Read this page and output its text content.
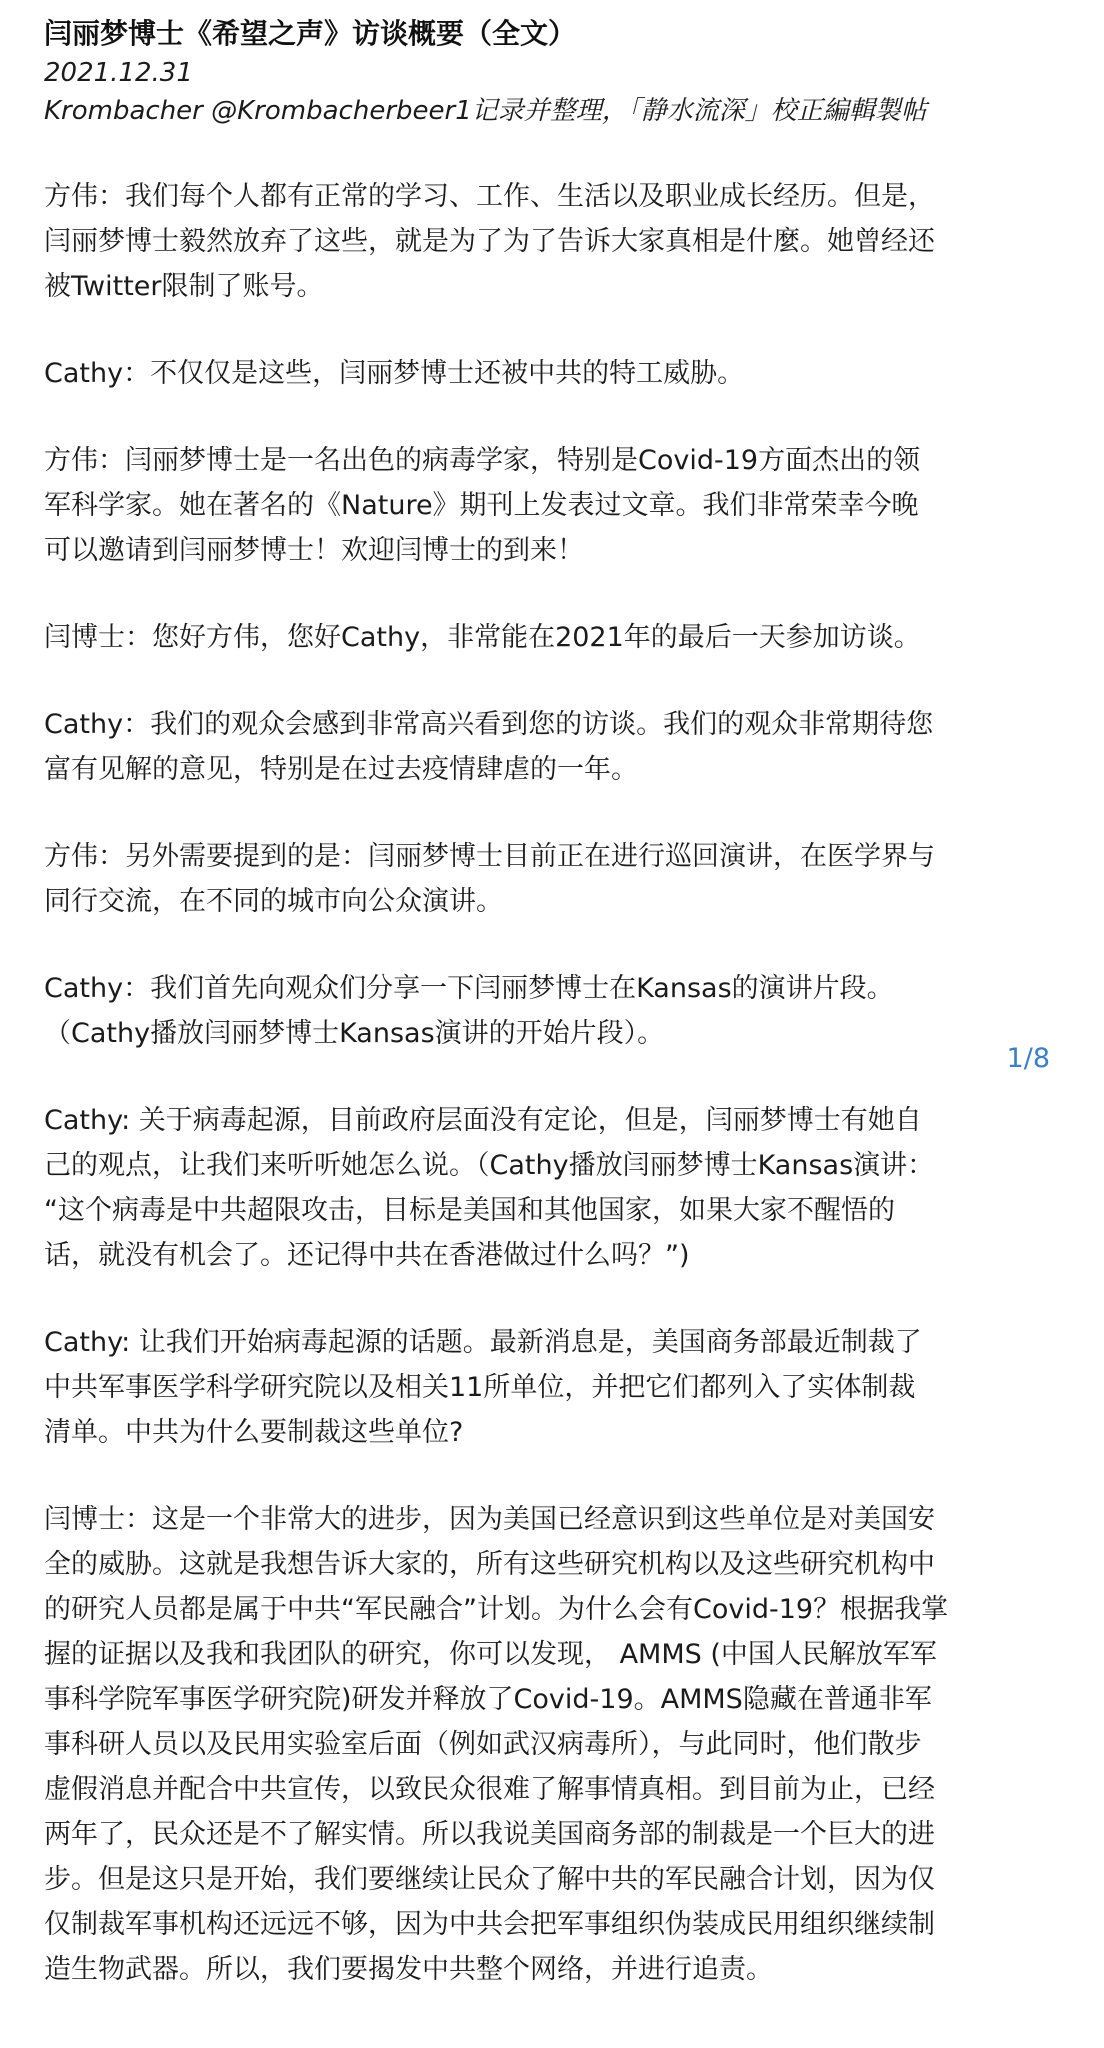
闫丽梦博士《希望之声》访谈概要（全文）
2021.12.31
Krombacher @Krombacherbeer1记录并整理，「静水流深」校正編輯製帖

方伟：我们每个人都有正常的学习、工作、生活以及职业成长经历。但是，
闫丽梦博士毅然放弃了这些，就是为了为了告诉大家真相是什麼。她曾经还
被Twitter限制了账号。

Cathy：不仅仅是这些，闫丽梦博士还被中共的特工威胁。

方伟：闫丽梦博士是一名出色的病毒学家，特别是Covid-19方面杰出的领
军科学家。她在著名的《Nature》期刊上发表过文章。我们非常荣幸今晚
可以邀请到闫丽梦博士！欢迎闫博士的到来！

闫博士：您好方伟，您好Cathy，非常能在2021年的最后一天参加访谈。

Cathy：我们的观众会感到非常高兴看到您的访谈。我们的观众非常期待您
富有见解的意见，特别是在过去疫情肆虐的一年。

方伟：另外需要提到的是：闫丽梦博士目前正在进行巡回演讲，在医学界与
同行交流，在不同的城市向公众演讲。

Cathy：我们首先向观众们分享一下闫丽梦博士在Kansas的演讲片段。
（Cathy播放闫丽梦博士Kansas演讲的开始片段）。

Cathy: 关于病毒起源，目前政府层面没有定论，但是，闫丽梦博士有她自
己的观点，让我们来听听她怎么说。（Cathy播放闫丽梦博士Kansas演讲：
“这个病毒是中共超限攻击，目标是美国和其他国家，如果大家不醒悟的
话，就没有机会了。还记得中共在香港做过什么吗？”)

Cathy: 让我们开始病毒起源的话题。最新消息是，美国商务部最近制裁了
中共军事医学科学研究院以及相关11所单位，并把它们都列入了实体制裁
清单。中共为什么要制裁这些单位?

闫博士：这是一个非常大的进步，因为美国已经意识到这些单位是对美国安
全的威胁。这就是我想告诉大家的，所有这些研究机构以及这些研究机构中
的研究人员都是属于中共“军民融合”计划。为什么会有Covid-19？根据我掌
握的证据以及我和我团队的研究，你可以发现， AMMS (中国人民解放军军
事科学院军事医学研究院)研发并释放了Covid-19。AMMS隐藏在普通非军
事科研人员以及民用实验室后面（例如武汉病毒所），与此同时，他们散步
虚假消息并配合中共宣传，以致民众很难了解事情真相。到目前为止，已经
两年了，民众还是不了解实情。所以我说美国商务部的制裁是一个巨大的进
步。但是这只是开始，我们要继续让民众了解中共的军民融合计划，因为仅
仅制裁军事机构还远远不够，因为中共会把军事组织伪装成民用组织继续制
造生物武器。所以，我们要揭发中共整个网络，并进行追责。

1/8
